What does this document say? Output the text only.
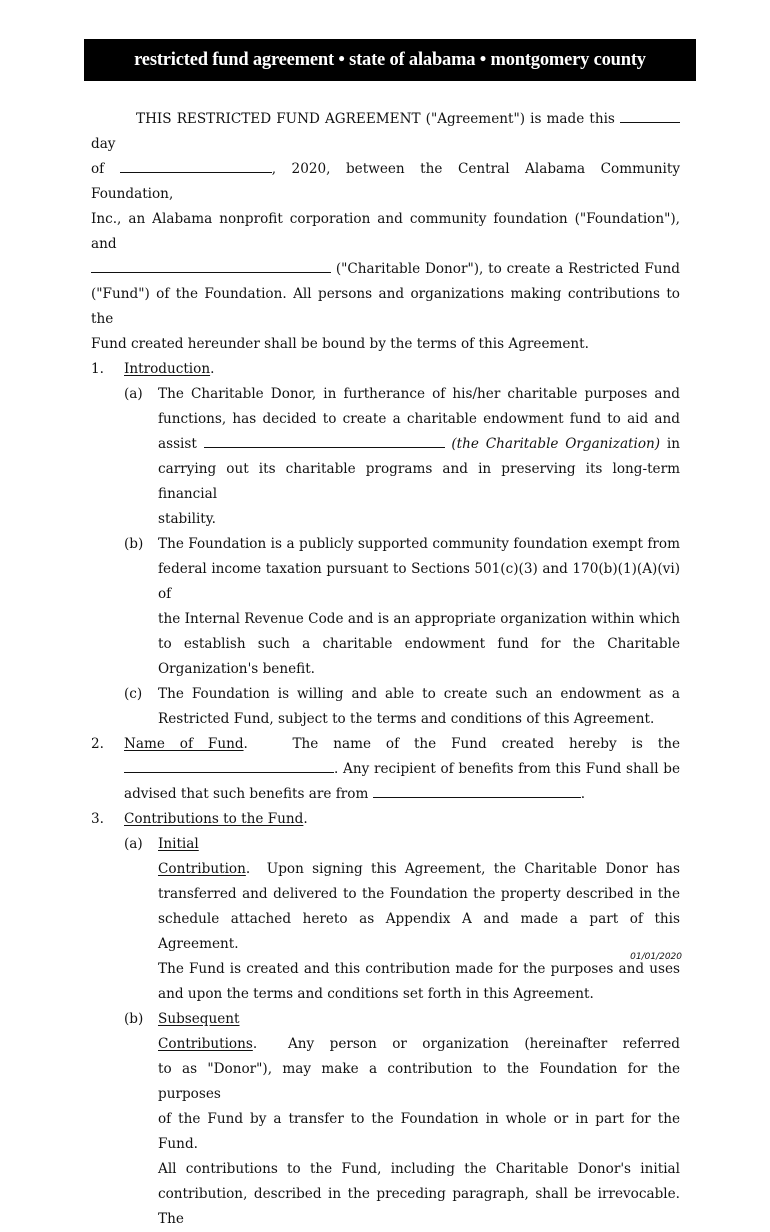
restricted fund agreement • state of alabama • montgomery county

THIS RESTRICTED FUND AGREEMENT ("Agreement") is made this  day

of	, 2020, between the Central Alabama Community Foundation,

Inc., an Alabama nonprofit corporation and community foundation ("Foundation"), and

("Charitable Donor"), to create a Restricted Fund

("Fund") of the Foundation. All persons and organizations making contributions to the

Fund created hereunder shall be bound by the terms of this Agreement.

1.	Introduction.
(a)	The Charitable Donor, in furtherance of his/her charitable purposes and

functions, has decided to create a charitable endowment fund to aid and

assist	(the Charitable Organization) in

carrying out its charitable programs and in preserving its long-term financial

stability.

(b)	The Foundation is a publicly supported community foundation exempt from

federal income taxation pursuant to Sections 501(c)(3) and 170(b)(1)(A)(vi) of

the Internal Revenue Code and is an appropriate organization within which

to establish such a charitable endowment fund for the Charitable

Organization's benefit.

(c)	The Foundation is willing and able to create such an endowment as a

Restricted Fund, subject to the terms and conditions of this Agreement.

2.	Name of Fund.   The name of the Fund created hereby is the

. Any recipient of benefits from this Fund shall be

advised that such benefits are from	.

3.	Contributions to the Fund.
(a)	Initial Contribution.  Upon signing this Agreement, the Charitable Donor has

transferred and delivered to the Foundation the property described in the

schedule attached hereto as Appendix A and made a part of this Agreement.

The Fund is created and this contribution made for the purposes and uses

and upon the terms and conditions set forth in this Agreement.

(b)	Subsequent Contributions.  Any person or organization (hereinafter referred

to as "Donor"), may make a contribution to the Foundation for the purposes

of the Fund by a transfer to the Foundation in whole or in part for the Fund.

All contributions to the Fund, including the Charitable Donor's initial

contribution, described in the preceding paragraph, shall be irrevocable. The

01/01/2020
